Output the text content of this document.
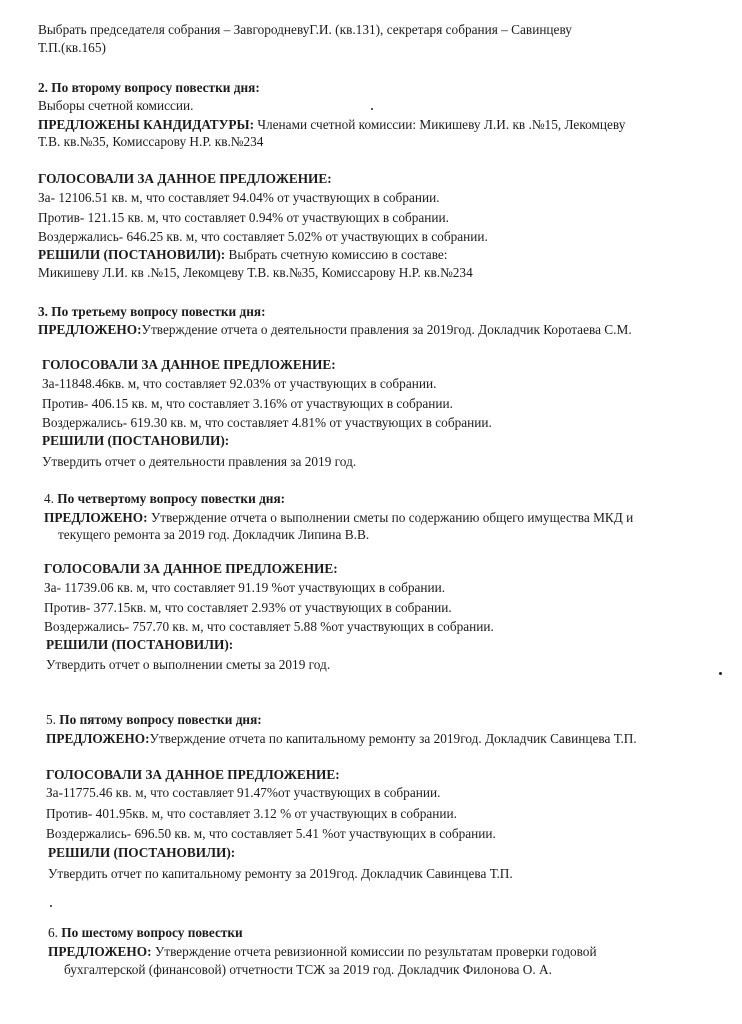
Выбрать председателя собрания – ЗавгородневуГ.И. (кв.131), секретаря собрания – Савинцеву
Т.П.(кв.165)
2. По второму вопросу повестки дня:
Выборы счетной комиссии.
ПРЕДЛОЖЕНЫ КАНДИДАТУРЫ: Членами счетной комиссии: Микишеву Л.И. кв .№15, Лекомцеву
Т.В. кв.№35, Комиссарову Н.Р. кв.№234
ГОЛОСОВАЛИ ЗА ДАННОЕ ПРЕДЛОЖЕНИЕ:
За- 12106.51 кв. м, что составляет 94.04% от участвующих в собрании.
Против- 121.15 кв. м, что составляет 0.94% от участвующих в собрании.
Воздержались- 646.25 кв. м, что составляет 5.02% от участвующих в собрании.
РЕШИЛИ (ПОСТАНОВИЛИ): Выбрать счетную комиссию в составе:
Микишеву Л.И. кв .№15, Лекомцеву Т.В. кв.№35, Комиссарову Н.Р. кв.№234
3. По третьему вопросу повестки дня:
ПРЕДЛОЖЕНО:Утверждение отчета о деятельности правления за 2019год. Докладчик Коротаева С.М.
ГОЛОСОВАЛИ ЗА ДАННОЕ ПРЕДЛОЖЕНИЕ:
За-11848.46кв. м, что составляет 92.03% от участвующих в собрании.
Против- 406.15 кв. м, что составляет 3.16% от участвующих в собрании.
Воздержались- 619.30 кв. м, что составляет 4.81% от участвующих в собрании.
РЕШИЛИ (ПОСТАНОВИЛИ):
Утвердить отчет о деятельности правления за 2019 год.
4. По четвертому вопросу повестки дня:
ПРЕДЛОЖЕНО: Утверждение отчета о выполнении сметы по содержанию общего имущества МКД и
текущего ремонта за 2019 год. Докладчик Липина В.В.
ГОЛОСОВАЛИ ЗА ДАННОЕ ПРЕДЛОЖЕНИЕ:
За- 11739.06 кв. м, что составляет 91.19 %от участвующих в собрании.
Против- 377.15кв. м, что составляет 2.93% от участвующих в собрании.
Воздержались- 757.70 кв. м, что составляет 5.88 %от участвующих в собрании.
РЕШИЛИ (ПОСТАНОВИЛИ):
Утвердить отчет о выполнении сметы за 2019 год.
5. По пятому вопросу повестки дня:
ПРЕДЛОЖЕНО:Утверждение отчета по капитальному ремонту за 2019год. Докладчик Савинцева Т.П.
ГОЛОСОВАЛИ ЗА ДАННОЕ ПРЕДЛОЖЕНИЕ:
За-11775.46 кв. м, что составляет 91.47%от участвующих в собрании.
Против- 401.95кв. м, что составляет 3.12 % от участвующих в собрании.
Воздержались- 696.50 кв. м, что составляет 5.41 %от участвующих в собрании.
РЕШИЛИ (ПОСТАНОВИЛИ):
Утвердить отчет по капитальному ремонту за 2019год. Докладчик Савинцева Т.П.
6. По шестому вопросу повестки
ПРЕДЛОЖЕНО: Утверждение отчета ревизионной комиссии по результатам проверки годовой
бухгалтерской (финансовой) отчетности ТСЖ за 2019 год. Докладчик Филонова О. А.
